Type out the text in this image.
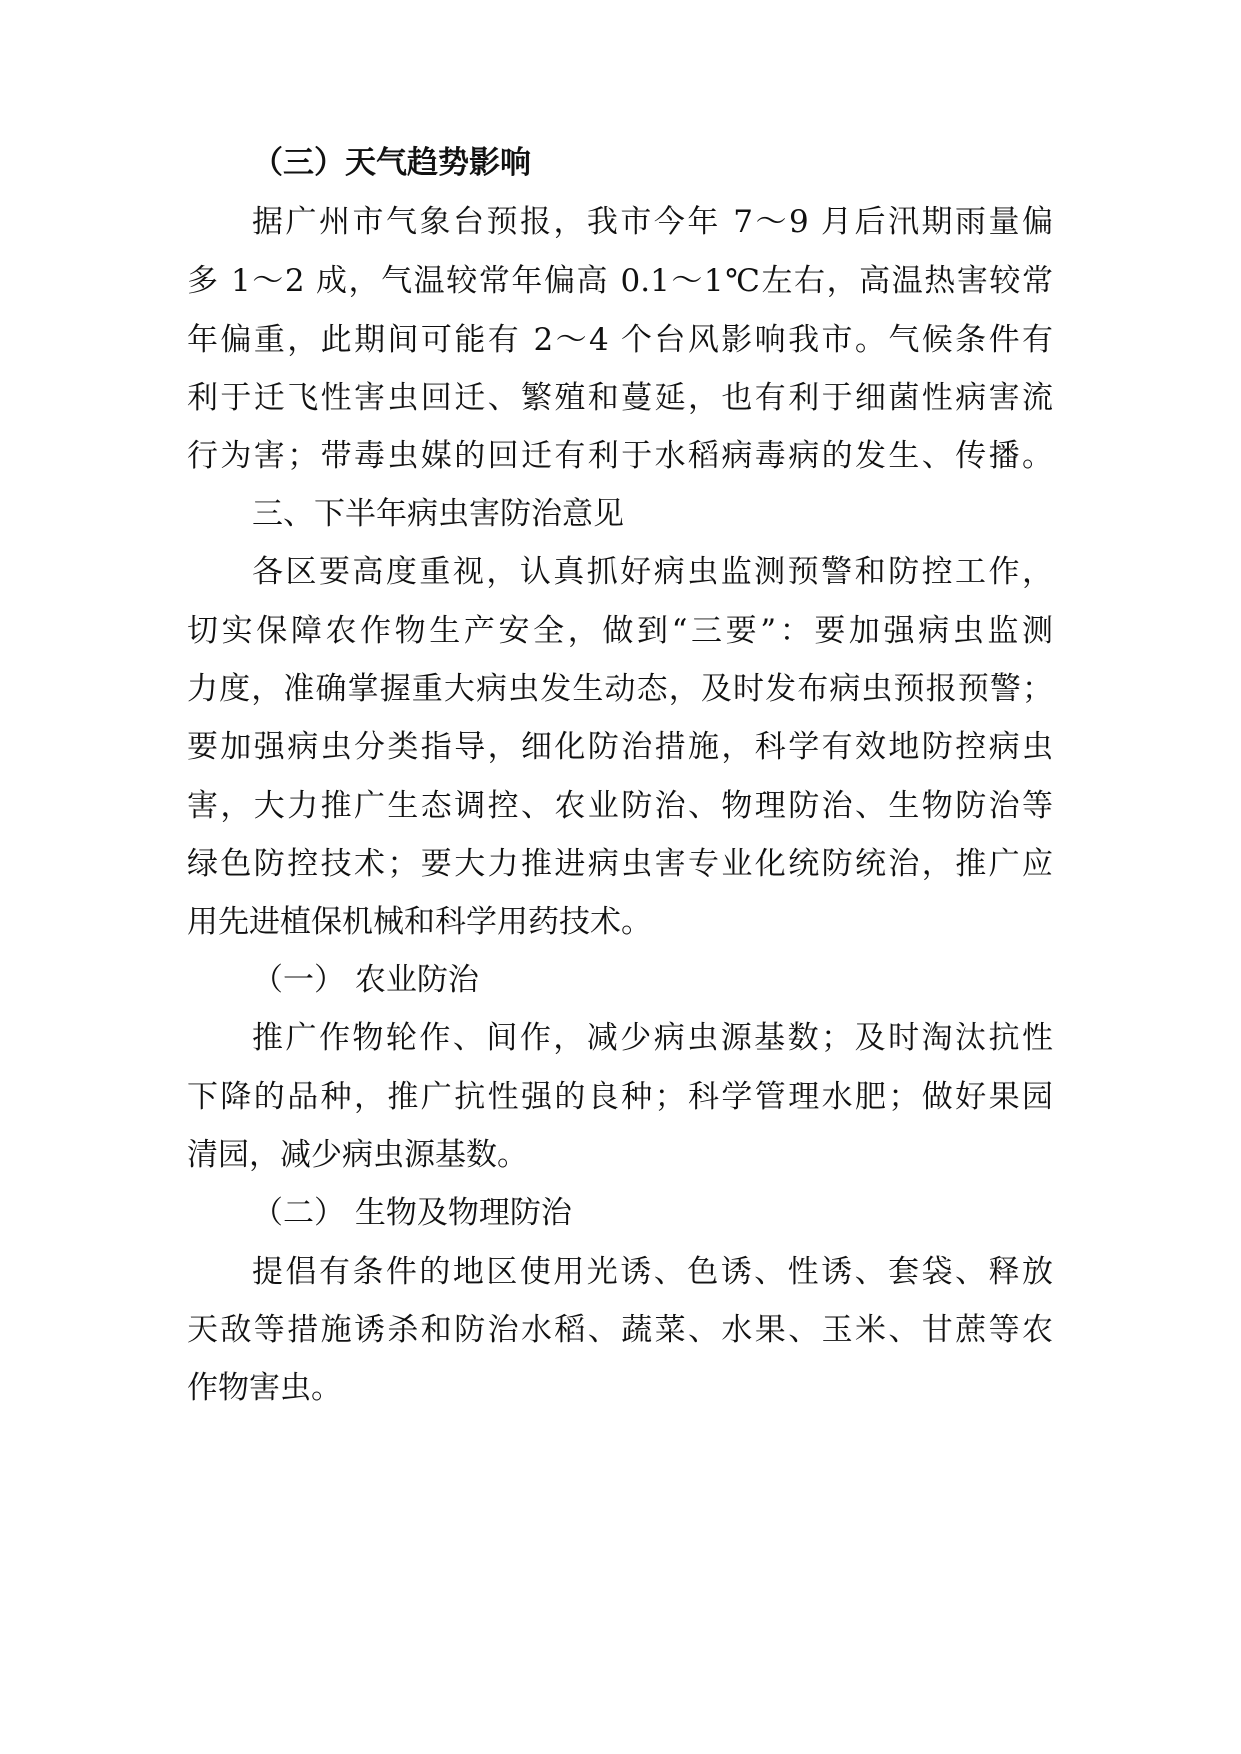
（三）天气趋势影响
据广州市气象台预报，我市今年 7～9 月后汛期雨量偏
多 1～2 成，气温较常年偏高 0.1～1℃左右，高温热害较常
年偏重，此期间可能有 2～4 个台风影响我市。气候条件有
利于迁飞性害虫回迁、繁殖和蔓延，也有利于细菌性病害流
行为害；带毒虫媒的回迁有利于水稻病毒病的发生、传播。
三、下半年病虫害防治意见
各区要高度重视，认真抓好病虫监测预警和防控工作，
切实保障农作物生产安全，做到“三要”：要加强病虫监测
力度，准确掌握重大病虫发生动态，及时发布病虫预报预警；
要加强病虫分类指导，细化防治措施，科学有效地防控病虫
害，大力推广生态调控、农业防治、物理防治、生物防治等
绿色防控技术；要大力推进病虫害专业化统防统治，推广应
用先进植保机械和科学用药技术。
（一） 农业防治
推广作物轮作、间作，减少病虫源基数；及时淘汰抗性
下降的品种，推广抗性强的良种；科学管理水肥；做好果园
清园，减少病虫源基数。
（二） 生物及物理防治
提倡有条件的地区使用光诱、色诱、性诱、套袋、释放
天敌等措施诱杀和防治水稻、蔬菜、水果、玉米、甘蔗等农
作物害虫。
